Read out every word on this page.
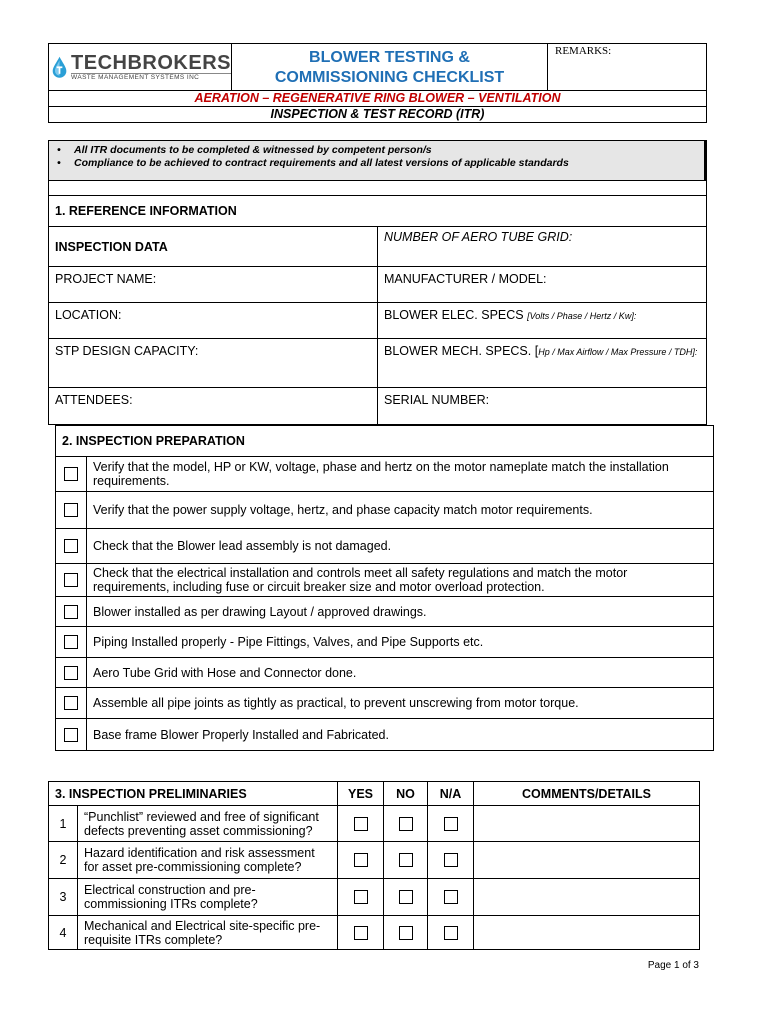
TECHBROKERS
WASTE MANAGEMENT SYSTEMS INC
BLOWER TESTING &
COMMISSIONING CHECKLIST
REMARKS:
AERATION – REGENERATIVE RING BLOWER – VENTILATION
INSPECTION & TEST RECORD (ITR)
•	All ITR documents to be completed & witnessed by competent person/s
•	Compliance to be achieved to contract requirements and all latest versions of applicable standards
1. REFERENCE INFORMATION	
INSPECTION DATA	NUMBER OF AERO TUBE GRID:
PROJECT NAME:	MANUFACTURER / MODEL:
LOCATION:	BLOWER ELEC. SPECS [Volts / Phase / Hertz / Kw]:
STP DESIGN CAPACITY:	BLOWER MECH. SPECS. [Hp / Max Airflow / Max Pressure / TDH]:
ATTENDEES:	SERIAL NUMBER:
2. INSPECTION PREPARATION	
	Verify that the model, HP or KW, voltage, phase and hertz on the motor nameplate match the installation requirements.
	Verify that the power supply voltage, hertz, and phase capacity match motor requirements.
	Check that the Blower lead assembly is not damaged.
	Check that the electrical installation and controls meet all safety regulations and match the motor requirements, including fuse or circuit breaker size and motor overload protection.
	Blower installed as per drawing Layout / approved drawings.
	Piping Installed properly - Pipe Fittings, Valves, and Pipe Supports etc.
	Aero Tube Grid with Hose and Connector done.
	Assemble all pipe joints as tightly as practical, to prevent unscrewing from motor torque.
	Base frame Blower Properly Installed and Fabricated.
3. INSPECTION PRELIMINARIES		YES	NO	N/A	COMMENTS/DETAILS
1	“Punchlist” reviewed and free of significant defects preventing asset commissioning?				
2	Hazard identification and risk assessment for asset pre-commissioning complete?				
3	Electrical construction and pre-commissioning ITRs complete?				
4	Mechanical and Electrical site-specific pre-requisite ITRs complete?				
Page 1 of 3
